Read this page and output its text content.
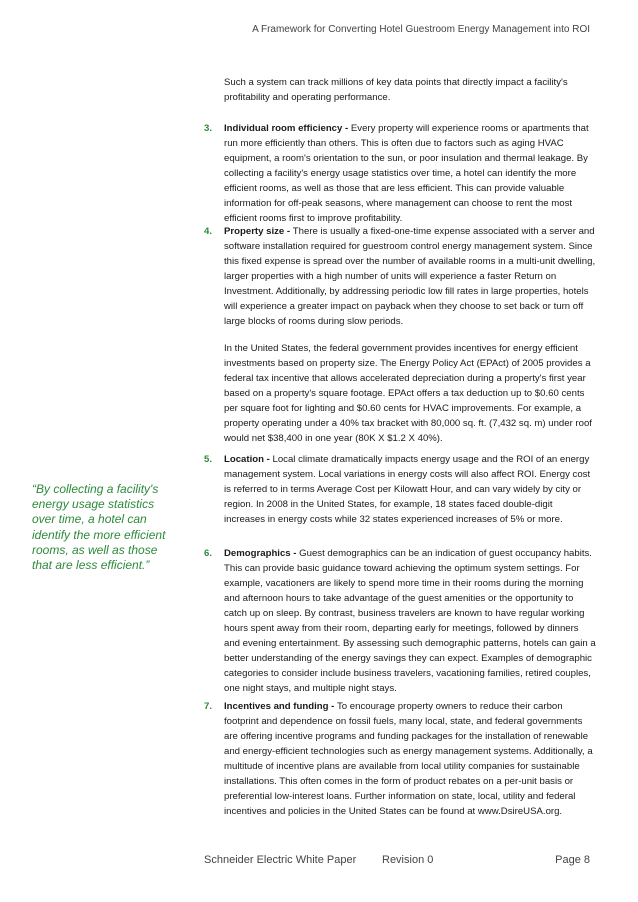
A Framework for Converting Hotel Guestroom Energy Management into ROI
Such a system can track millions of key data points that directly impact a facility's profitability and operating performance.
3.	Individual room efficiency - Every property will experience rooms or apartments that run more efficiently than others. This is often due to factors such as aging HVAC equipment, a room's orientation to the sun, or poor insulation and thermal leakage. By collecting a facility's energy usage statistics over time, a hotel can identify the more efficient rooms, as well as those that are less efficient. This can provide valuable information for off-peak seasons, where management can choose to rent the most efficient rooms first to improve profitability.
4.	Property size - There is usually a fixed-one-time expense associated with a server and software installation required for guestroom control energy management system. Since this fixed expense is spread over the number of available rooms in a multi-unit dwelling, larger properties with a high number of units will experience a faster Return on Investment. Additionally, by addressing periodic low fill rates in large properties, hotels will experience a greater impact on payback when they choose to set back or turn off large blocks of rooms during slow periods.
In the United States, the federal government provides incentives for energy efficient investments based on property size. The Energy Policy Act (EPAct) of 2005 provides a federal tax incentive that allows accelerated depreciation during a property's first year based on a property's square footage. EPAct offers a tax deduction up to $0.60 cents per square foot for lighting and $0.60 cents for HVAC improvements. For example, a property operating under a 40% tax bracket with 80,000 sq. ft. (7,432 sq. m) under roof would net $38,400 in one year (80K X $1.2 X 40%).
5.	Location - Local climate dramatically impacts energy usage and the ROI of an energy management system. Local variations in energy costs will also affect ROI. Energy cost is referred to in terms Average Cost per Kilowatt Hour, and can vary widely by city or region. In 2008 in the United States, for example, 18 states faced double-digit increases in energy costs while 32 states experienced increases of 5% or more.
6.	Demographics - Guest demographics can be an indication of guest occupancy habits. This can provide basic guidance toward achieving the optimum system settings. For example, vacationers are likely to spend more time in their rooms during the morning and afternoon hours to take advantage of the guest amenities or the opportunity to catch up on sleep. By contrast, business travelers are known to have regular working hours spent away from their room, departing early for meetings, followed by dinners and evening entertainment. By assessing such demographic patterns, hotels can gain a better understanding of the energy savings they can expect. Examples of demographic categories to consider include business travelers, vacationing families, retired couples, one night stays, and multiple night stays.
7.	Incentives and funding - To encourage property owners to reduce their carbon footprint and dependence on fossil fuels, many local, state, and federal governments are offering incentive programs and funding packages for the installation of renewable and energy-efficient technologies such as energy management systems. Additionally, a multitude of incentive plans are available from local utility companies for sustainable installations. This often comes in the form of product rebates on a per-unit basis or preferential low-interest loans. Further information on state, local, utility and federal incentives and policies in the United States can be found at www.DsireUSA.org.
“By collecting a facility's energy usage statistics over time, a hotel can identify the more efficient rooms, as well as those that are less efficient.”
Schneider Electric White Paper Revision 0	Page 8
